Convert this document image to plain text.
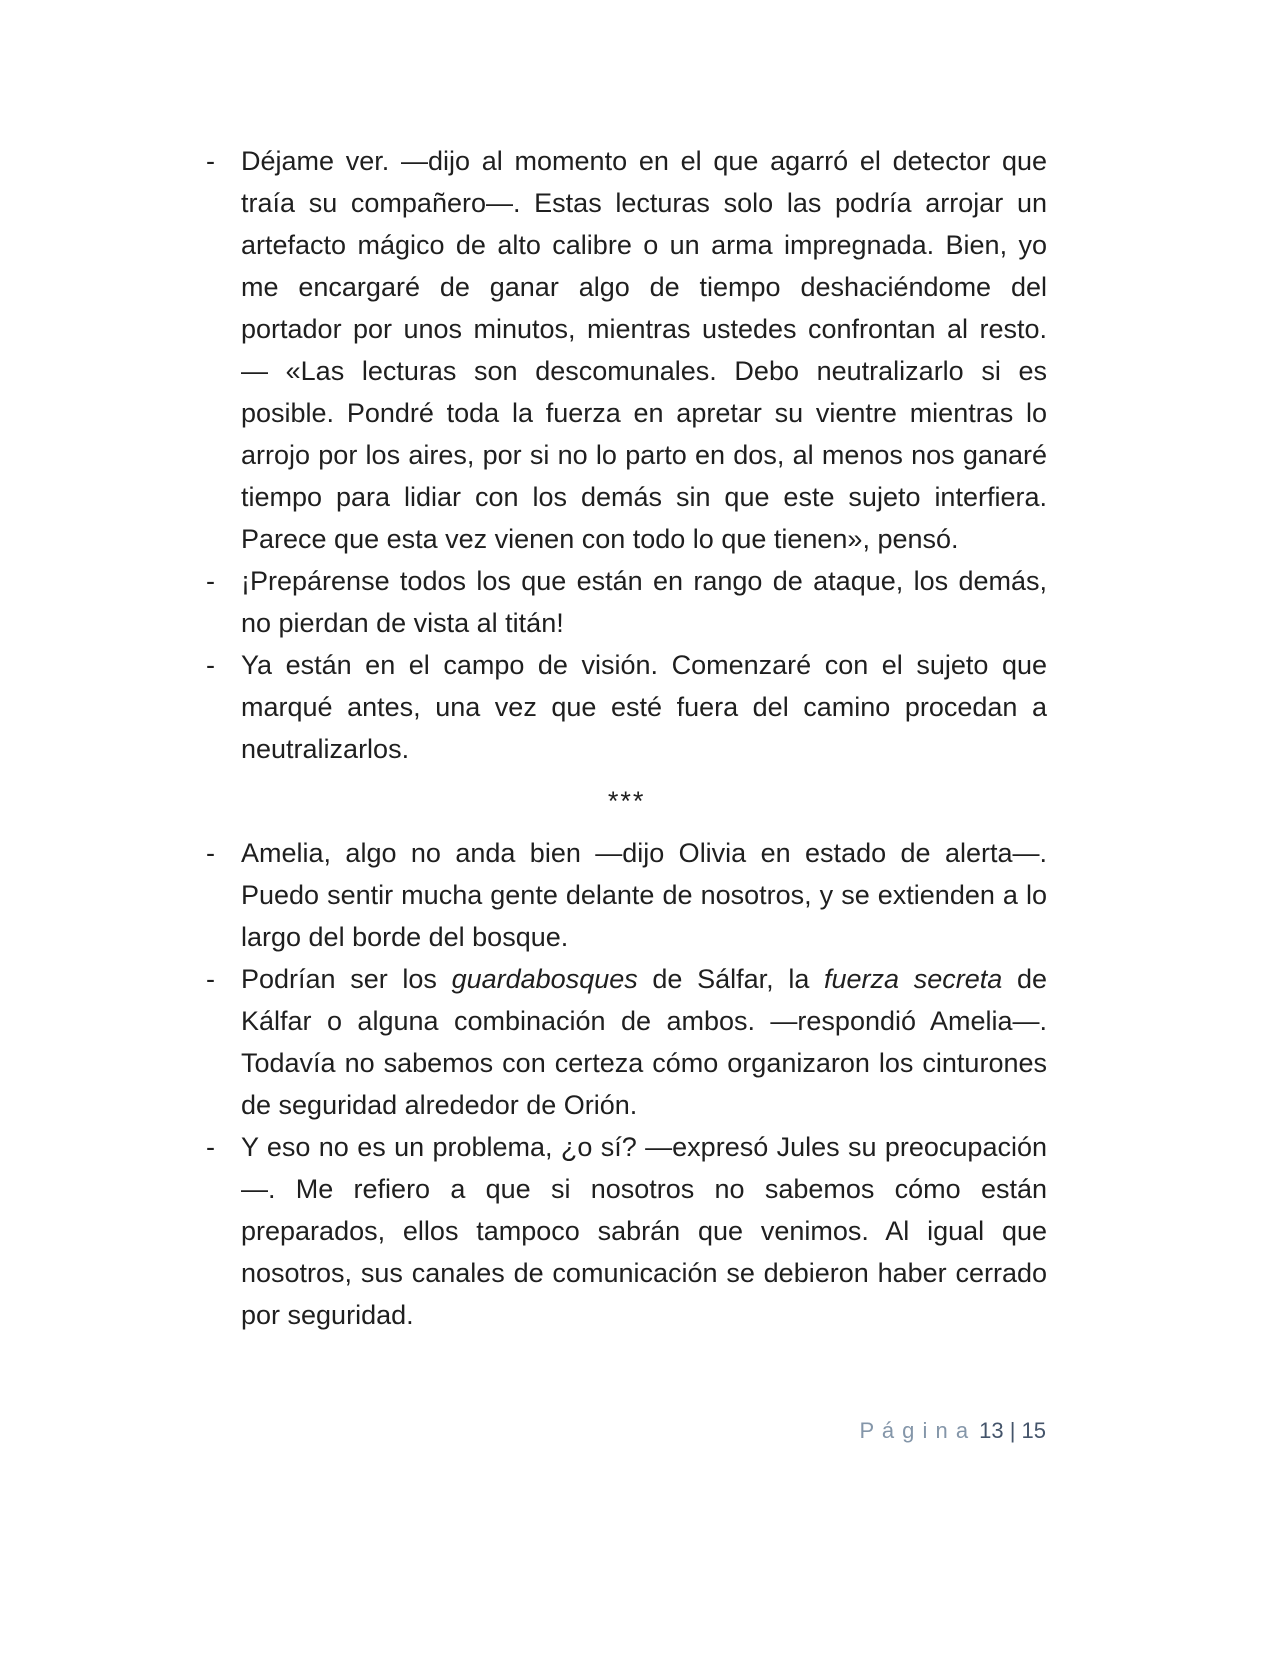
- Déjame ver. —dijo al momento en el que agarró el detector que traía su compañero—. Estas lecturas solo las podría arrojar un artefacto mágico de alto calibre o un arma impregnada. Bien, yo me encargaré de ganar algo de tiempo deshaciéndome del portador por unos minutos, mientras ustedes confrontan al resto. — «Las lecturas son descomunales. Debo neutralizarlo si es posible. Pondré toda la fuerza en apretar su vientre mientras lo arrojo por los aires, por si no lo parto en dos, al menos nos ganaré tiempo para lidiar con los demás sin que este sujeto interfiera. Parece que esta vez vienen con todo lo que tienen», pensó.

- ¡Prepárense todos los que están en rango de ataque, los demás, no pierdan de vista al titán!

- Ya están en el campo de visión. Comenzaré con el sujeto que marqué antes, una vez que esté fuera del camino procedan a neutralizarlos.

***
- Amelia, algo no anda bien —dijo Olivia en estado de alerta—. Puedo sentir mucha gente delante de nosotros, y se extienden a lo largo del borde del bosque.

- Podrían ser los guardabosques de Sálfar, la fuerza secreta de Kálfar o alguna combinación de ambos. —respondió Amelia—. Todavía no sabemos con certeza cómo organizaron los cinturones de seguridad alrededor de Orión.

- Y eso no es un problema, ¿o sí? —expresó Jules su preocupación—. Me refiero a que si nosotros no sabemos cómo están preparados, ellos tampoco sabrán que venimos. Al igual que nosotros, sus canales de comunicación se debieron haber cerrado por seguridad.

P á g i n a 13 | 15
